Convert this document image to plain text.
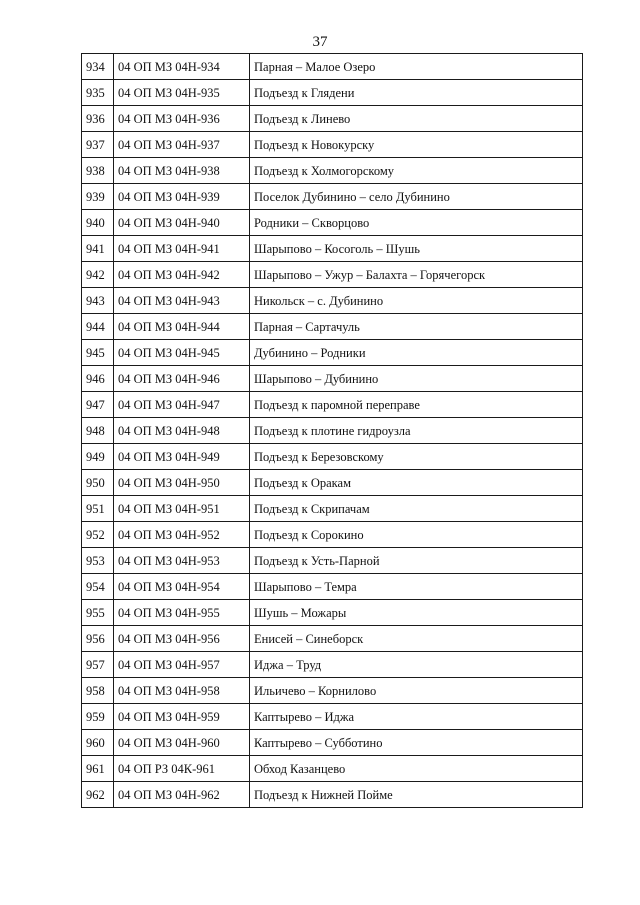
37
934	04 ОП МЗ 04Н-934	Парная – Малое Озеро
935	04 ОП МЗ 04Н-935	Подъезд к Глядени
936	04 ОП МЗ 04Н-936	Подъезд к Линево
937	04 ОП МЗ 04Н-937	Подъезд к Новокурску
938	04 ОП МЗ 04Н-938	Подъезд к Холмогорскому
939	04 ОП МЗ 04Н-939	Поселок Дубинино – село Дубинино
940	04 ОП МЗ 04Н-940	Родники – Скворцово
941	04 ОП МЗ 04Н-941	Шарыпово – Косоголь – Шушь
942	04 ОП МЗ 04Н-942	Шарыпово – Ужур – Балахта – Горячегорск
943	04 ОП МЗ 04Н-943	Никольск – с. Дубинино
944	04 ОП МЗ 04Н-944	Парная – Сартачуль
945	04 ОП МЗ 04Н-945	Дубинино – Родники
946	04 ОП МЗ 04Н-946	Шарыпово – Дубинино
947	04 ОП МЗ 04Н-947	Подъезд к паромной переправе
948	04 ОП МЗ 04Н-948	Подъезд к плотине гидроузла
949	04 ОП МЗ 04Н-949	Подъезд к Березовскому
950	04 ОП МЗ 04Н-950	Подъезд к Оракам
951	04 ОП МЗ 04Н-951	Подъезд к Скрипачам
952	04 ОП МЗ 04Н-952	Подъезд к Сорокино
953	04 ОП МЗ 04Н-953	Подъезд к Усть-Парной
954	04 ОП МЗ 04Н-954	Шарыпово – Темра
955	04 ОП МЗ 04Н-955	Шушь – Можары
956	04 ОП МЗ 04Н-956	Енисей – Синеборск
957	04 ОП МЗ 04Н-957	Иджа – Труд
958	04 ОП МЗ 04Н-958	Ильичево – Корнилово
959	04 ОП МЗ 04Н-959	Каптырево – Иджа
960	04 ОП МЗ 04Н-960	Каптырево – Субботино
961	04 ОП РЗ 04К-961	Обход Казанцево
962	04 ОП МЗ 04Н-962	Подъезд к Нижней Пойме
